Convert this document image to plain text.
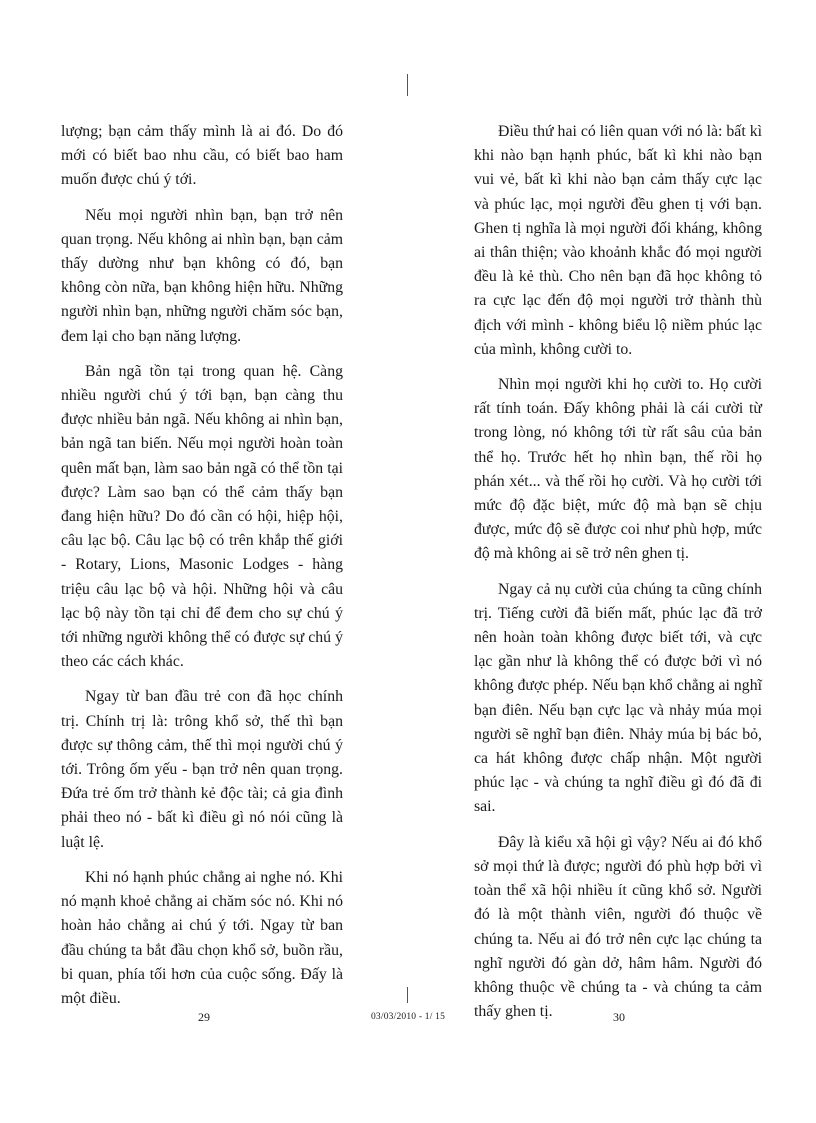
lượng; bạn cảm thấy mình là ai đó. Do đó mới có biết bao nhu cầu, có biết bao ham muốn được chú ý tới.

Nếu mọi người nhìn bạn, bạn trở nên quan trọng. Nếu không ai nhìn bạn, bạn cảm thấy dường như bạn không có đó, bạn không còn nữa, bạn không hiện hữu. Những người nhìn bạn, những người chăm sóc bạn, đem lại cho bạn năng lượng.

Bản ngã tồn tại trong quan hệ. Càng nhiều người chú ý tới bạn, bạn càng thu được nhiều bản ngã. Nếu không ai nhìn bạn, bản ngã tan biến. Nếu mọi người hoàn toàn quên mất bạn, làm sao bản ngã có thể tồn tại được? Làm sao bạn có thể cảm thấy bạn đang hiện hữu? Do đó cần có hội, hiệp hội, câu lạc bộ. Câu lạc bộ có trên khắp thế giới - Rotary, Lions, Masonic Lodges - hàng triệu câu lạc bộ và hội. Những hội và câu lạc bộ này tồn tại chỉ để đem cho sự chú ý tới những người không thể có được sự chú ý theo các cách khác.

Ngay từ ban đầu trẻ con đã học chính trị. Chính trị là: trông khổ sở, thế thì bạn được sự thông cảm, thế thì mọi người chú ý tới. Trông ốm yếu - bạn trở nên quan trọng. Đứa trẻ ốm trở thành kẻ độc tài; cả gia đình phải theo nó - bất kì điều gì nó nói cũng là luật lệ.

Khi nó hạnh phúc chẳng ai nghe nó. Khi nó mạnh khoẻ chẳng ai chăm sóc nó. Khi nó hoàn hảo chẳng ai chú ý tới. Ngay từ ban đầu chúng ta bắt đầu chọn khổ sở, buồn rầu, bi quan, phía tối hơn của cuộc sống. Đấy là một điều.

Điều thứ hai có liên quan với nó là: bất kì khi nào bạn hạnh phúc, bất kì khi nào bạn vui vẻ, bất kì khi nào bạn cảm thấy cực lạc và phúc lạc, mọi người đều ghen tị với bạn. Ghen tị nghĩa là mọi người đối kháng, không ai thân thiện; vào khoảnh khắc đó mọi người đều là kẻ thù. Cho nên bạn đã học không tỏ ra cực lạc đến độ mọi người trở thành thù địch với mình - không biểu lộ niềm phúc lạc của mình, không cười to.

Nhìn mọi người khi họ cười to. Họ cười rất tính toán. Đấy không phải là cái cười từ trong lòng, nó không tới từ rất sâu của bản thể họ. Trước hết họ nhìn bạn, thế rồi họ phán xét... và thế rồi họ cười. Và họ cười tới mức độ đặc biệt, mức độ mà bạn sẽ chịu được, mức độ sẽ được coi như phù hợp, mức độ mà không ai sẽ trở nên ghen tị.

Ngay cả nụ cười của chúng ta cũng chính trị. Tiếng cười đã biến mất, phúc lạc đã trở nên hoàn toàn không được biết tới, và cực lạc gần như là không thể có được bởi vì nó không được phép. Nếu bạn khổ chẳng ai nghĩ bạn điên. Nếu bạn cực lạc và nhảy múa mọi người sẽ nghĩ bạn điên. Nhảy múa bị bác bỏ, ca hát không được chấp nhận. Một người phúc lạc - và chúng ta nghĩ điều gì đó đã đi sai.

Đây là kiểu xã hội gì vậy? Nếu ai đó khổ sở mọi thứ là được; người đó phù hợp bởi vì toàn thể xã hội nhiều ít cũng khổ sở. Người đó là một thành viên, người đó thuộc về chúng ta. Nếu ai đó trở nên cực lạc chúng ta nghĩ người đó gàn dở, hâm hâm. Người đó không thuộc về chúng ta - và chúng ta cảm thấy ghen tị.

29	03/03/2010 - 1/ 15	30
